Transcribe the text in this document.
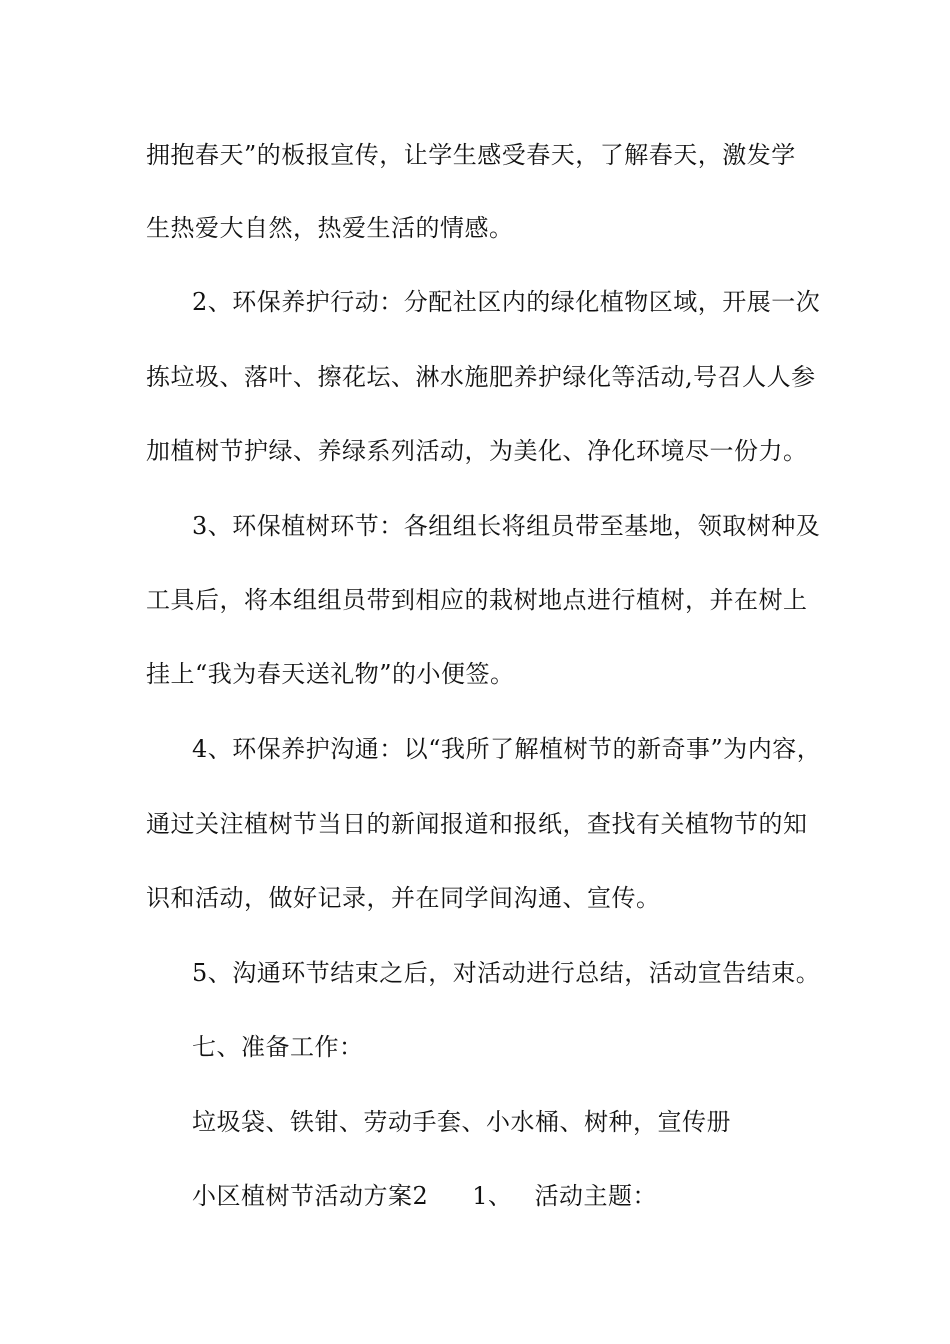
拥抱春天”的板报宣传，让学生感受春天，了解春天，激发学
生热爱大自然，热爱生活的情感。
2、环保养护行动：分配社区内的绿化植物区域，开展一次
拣垃圾、落叶、擦花坛、淋水施肥养护绿化等活动,号召人人参
加植树节护绿、养绿系列活动，为美化、净化环境尽一份力。
3、环保植树环节：各组组长将组员带至基地，领取树种及
工具后，将本组组员带到相应的栽树地点进行植树，并在树上
挂上“我为春天送礼物”的小便签。
4、环保养护沟通：以“我所了解植树节的新奇事”为内容，
通过关注植树节当日的新闻报道和报纸，查找有关植物节的知
识和活动，做好记录，并在同学间沟通、宣传。
5、沟通环节结束之后，对活动进行总结，活动宣告结束。
七、准备工作：
垃圾袋、铁钳、劳动手套、小水桶、树种，宣传册
小区植树节活动方案2 1、 活动主题：
